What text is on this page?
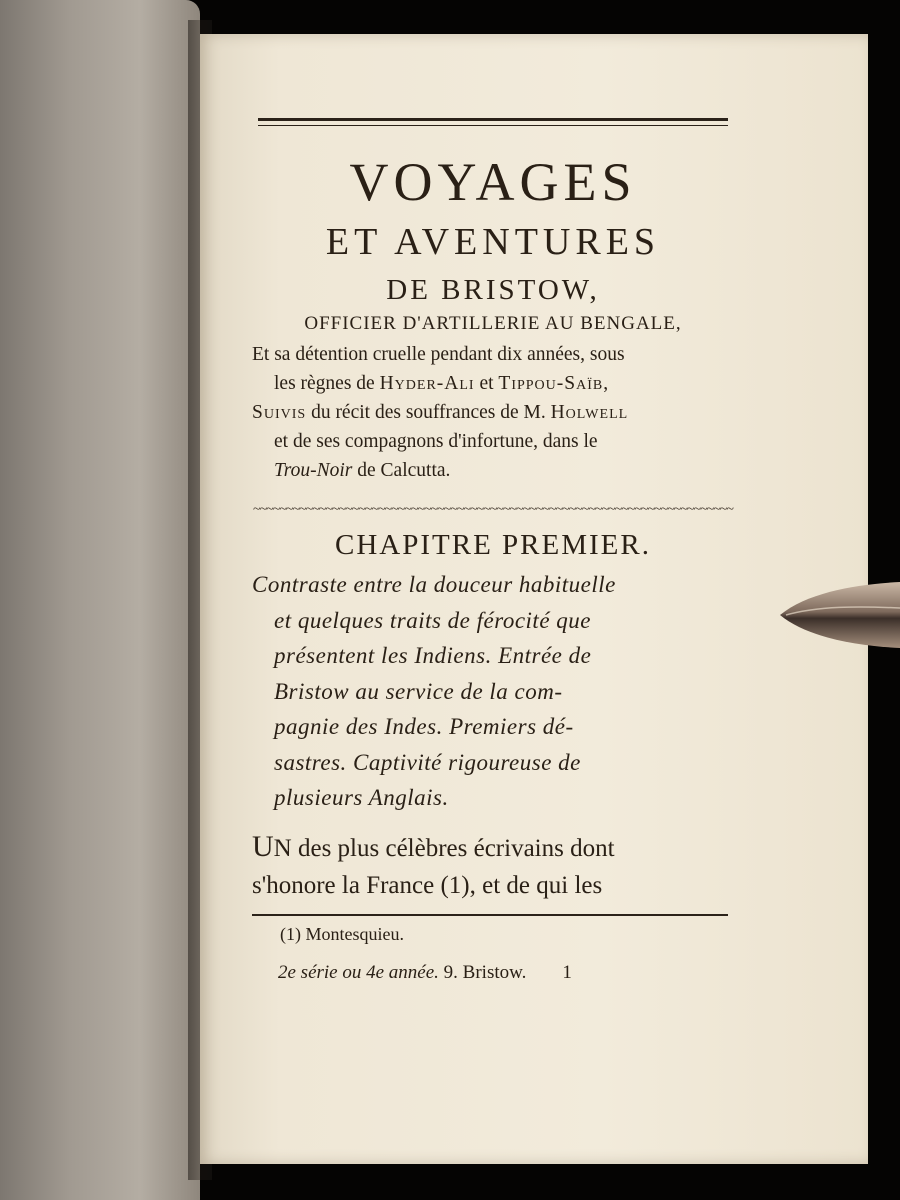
VOYAGES
ET AVENTURES
DE BRISTOW,
OFFICIER D'ARTILLERIE AU BENGALE,
Et sa détention cruelle pendant dix années, sous
les règnes de Hyder-Ali et Tippou-Saïb,
Suivis du récit des souffrances de M. Holwell
et de ses compagnons d'infortune, dans le
Trou-Noir de Calcutta.
~~~~~~~~~~~~~~~~~~~~~~~~~~~~~~~~~~~~~~~~~~~~~~~~~~~~~~~~~~~~~~~~~~~~~~~~~
CHAPITRE PREMIER.
Contraste entre la douceur habituelle
et quelques traits de férocité que
présentent les Indiens. Entrée de
Bristow au service de la com-
pagnie des Indes. Premiers dé-
sastres. Captivité rigoureuse de
plusieurs Anglais.
UN des plus célèbres écrivains dont
s'honore la France (1), et de qui les
(1) Montesquieu.
2e série ou 4e année. 9. Bristow. 1
